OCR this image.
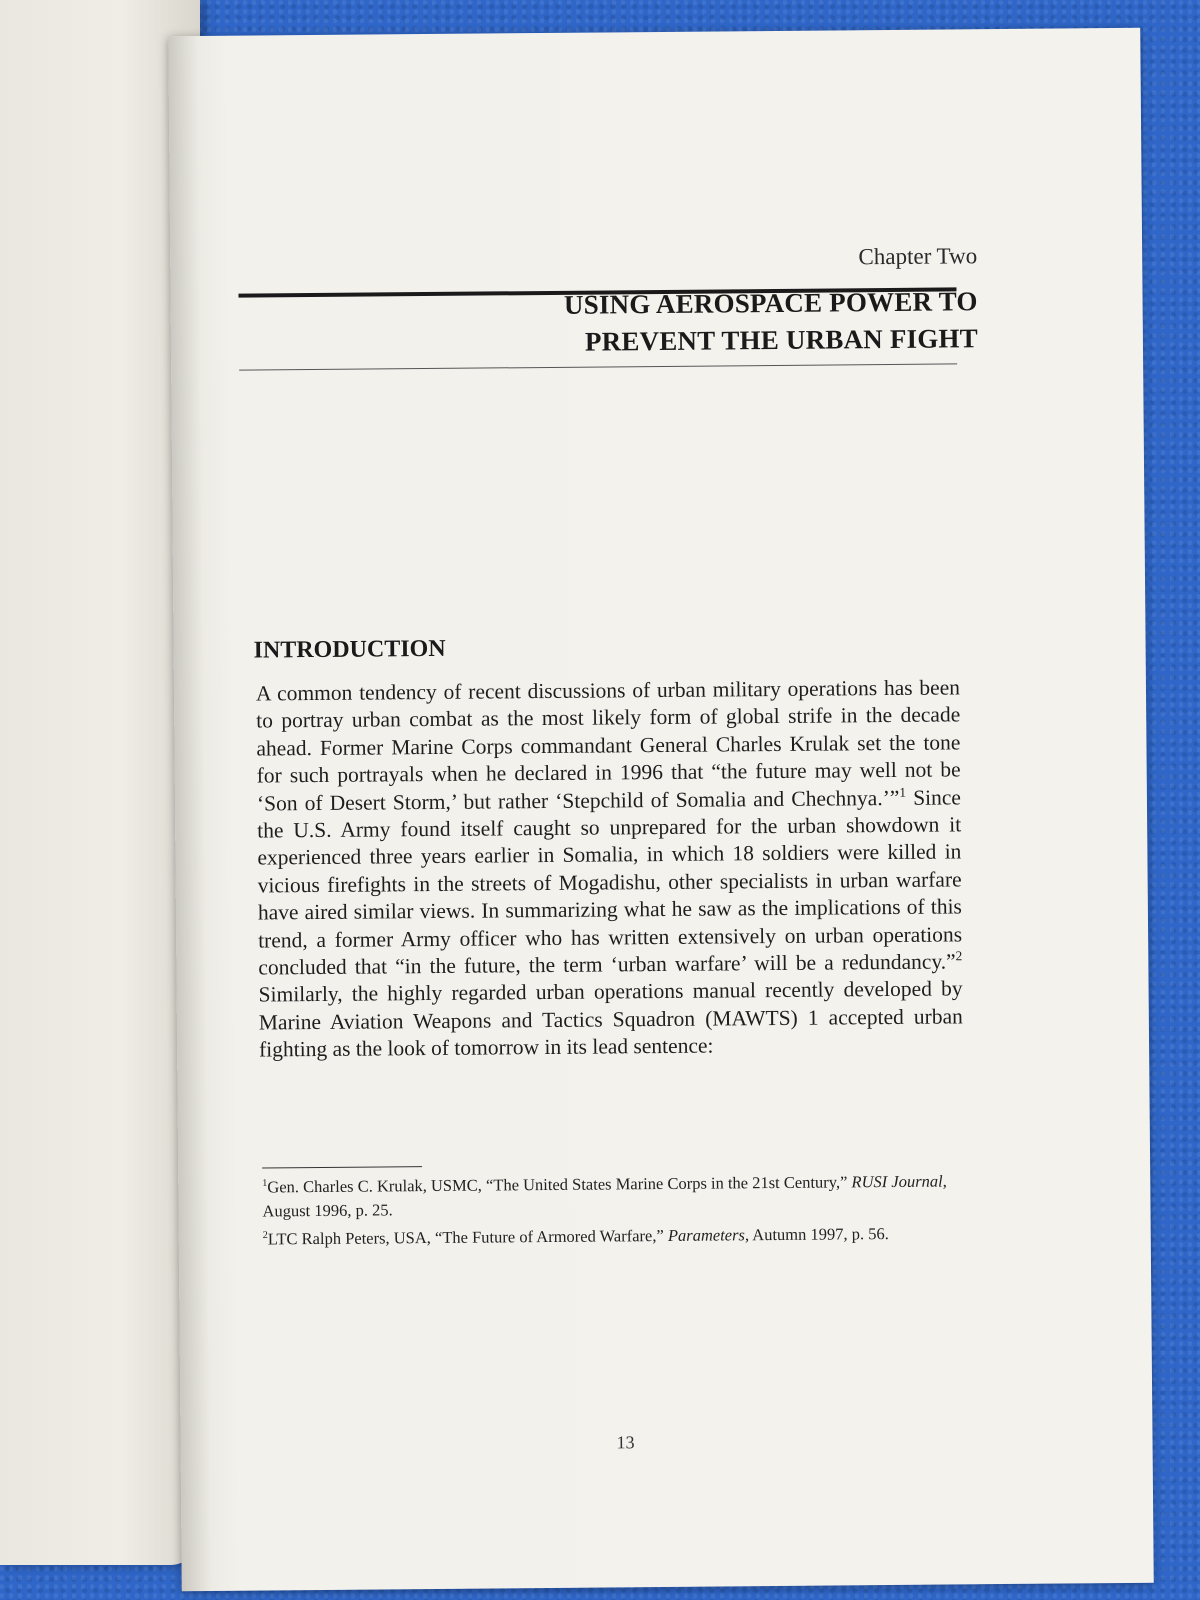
Chapter Two
USING AEROSPACE POWER TO
PREVENT THE URBAN FIGHT
INTRODUCTION

A common tendency of recent discussions of urban military operations has been to portray urban combat as the most likely form of global strife in the decade ahead. Former Marine Corps commandant General Charles Krulak set the tone for such portrayals when he declared in 1996 that “the future may well not be ‘Son of Desert Storm,’ but rather ‘Stepchild of Somalia and Chechnya.’”$^1$ Since the U.S. Army found itself caught so unprepared for the urban showdown it experienced three years earlier in Somalia, in which 18 soldiers were killed in vicious firefights in the streets of Mogadishu, other specialists in urban warfare have aired similar views. In summarizing what he saw as the implications of this trend, a former Army officer who has written extensively on urban operations concluded that “in the future, the term ‘urban warfare’ will be a redundancy.”$^2$ Similarly, the highly regarded urban operations manual recently developed by Marine Aviation Weapons and Tactics Squadron (MAWTS) 1 accepted urban fighting as the look of tomorrow in its lead sentence:

$^1$Gen. Charles C. Krulak, USMC, “The United States Marine Corps in the 21st Century,” RUSI Journal, August 1996, p. 25.

$^2$LTC Ralph Peters, USA, “The Future of Armored Warfare,” Parameters, Autumn 1997, p. 56.

13
